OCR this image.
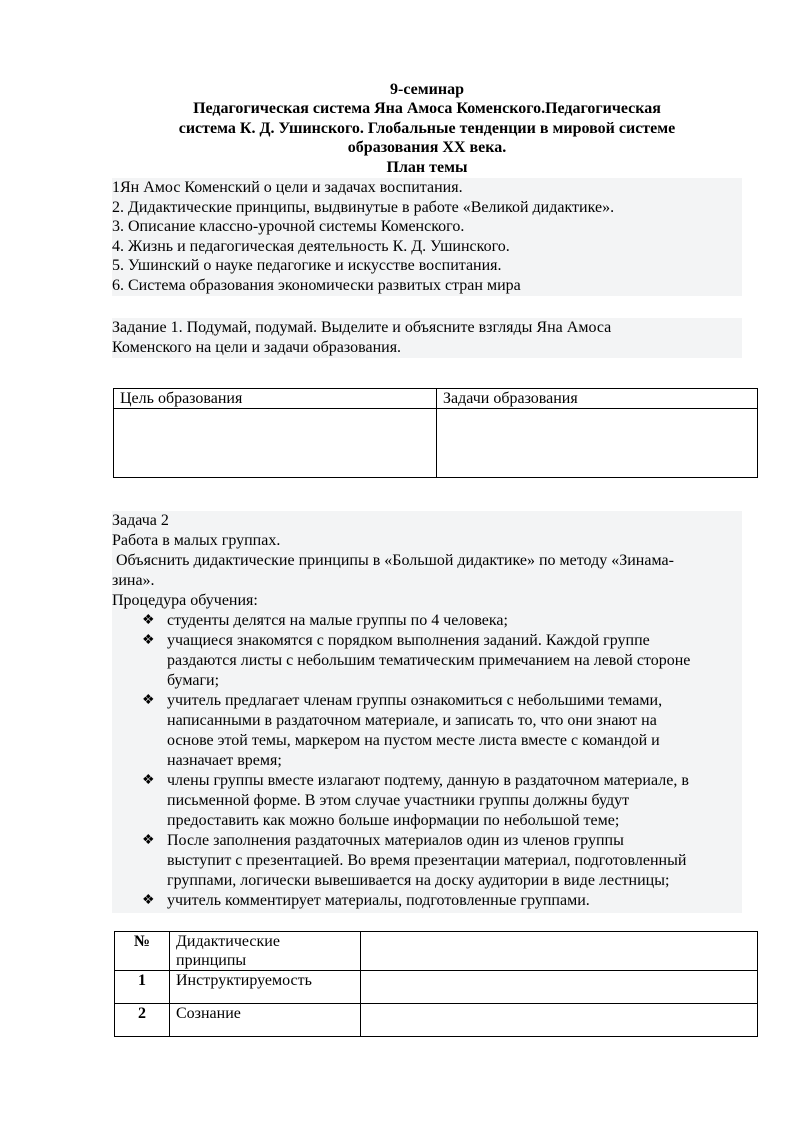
9-семинар
Педагогическая система Яна Амоса Коменского.Педагогическая
система К. Д. Ушинского. Глобальные тенденции в мировой системе
образования XX века.
План темы
1Ян Амос Коменский о цели и задачах воспитания.
2. Дидактические принципы, выдвинутые в работе «Великой дидактике».
3. Описание классно-урочной системы Коменского.
4. Жизнь и педагогическая деятельность К. Д. Ушинского.
5. Ушинский о науке педагогике и искусстве воспитания.
6. Система образования экономически развитых стран мира
Задание 1. Подумай, подумай. Выделите и объясните взгляды Яна Амоса
Коменского на цели и задачи образования.
Цель образования	Задачи образования

Задача 2
Работа в малых группах.
Объяснить дидактические принципы в «Большой дидактике» по методу «Зинама-
зина».
Процедура обучения:
❖ студенты делятся на малые группы по 4 человека;
❖ учащиеся знакомятся с порядком выполнения заданий. Каждой группе
раздаются листы с небольшим тематическим примечанием на левой стороне
бумаги;
❖ учитель предлагает членам группы ознакомиться с небольшими темами,
написанными в раздаточном материале, и записать то, что они знают на
основе этой темы, маркером на пустом месте листа вместе с командой и
назначает время;
❖ члены группы вместе излагают подтему, данную в раздаточном материале, в
письменной форме. В этом случае участники группы должны будут
предоставить как можно больше информации по небольшой теме;
❖ После заполнения раздаточных материалов один из членов группы
выступит с презентацией. Во время презентации материал, подготовленный
группами, логически вывешивается на доску аудитории в виде лестницы;
❖ учитель комментирует материалы, подготовленные группами.
№	Дидактические
принципы	

1	Инструктируемость	
2	Сознание	
